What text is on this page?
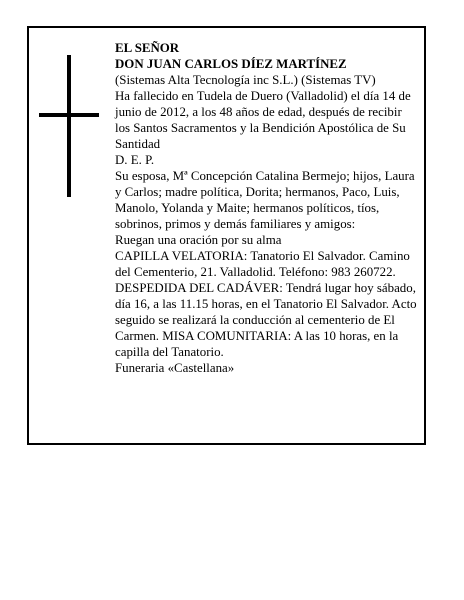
EL SEÑOR

DON JUAN CARLOS DÍEZ MARTÍNEZ

(Sistemas Alta Tecnología inc S.L.) (Sistemas TV)

Ha fallecido en Tudela de Duero (Valladolid) el día 14 de junio de 2012, a los 48 años de edad, después de recibir los Santos Sacramentos y la Bendición Apostólica de Su Santidad

D. E. P.

Su esposa, Mª Concepción Catalina Bermejo; hijos, Laura y Carlos; madre política, Dorita; hermanos, Paco, Luis, Manolo, Yolanda y Maite; hermanos políticos, tíos, sobrinos, primos y demás familiares y amigos:

Ruegan una oración por su alma

CAPILLA VELATORIA: Tanatorio El Salvador. Camino del Cementerio, 21. Valladolid. Teléfono: 983 260722. DESPEDIDA DEL CADÁVER: Tendrá lugar hoy sábado, día 16, a las 11.15 horas, en el Tanatorio El Salvador. Acto seguido se realizará la conducción al cementerio de El Carmen. MISA COMUNITARIA: A las 10 horas, en la capilla del Tanatorio.

Funeraria «Castellana»
